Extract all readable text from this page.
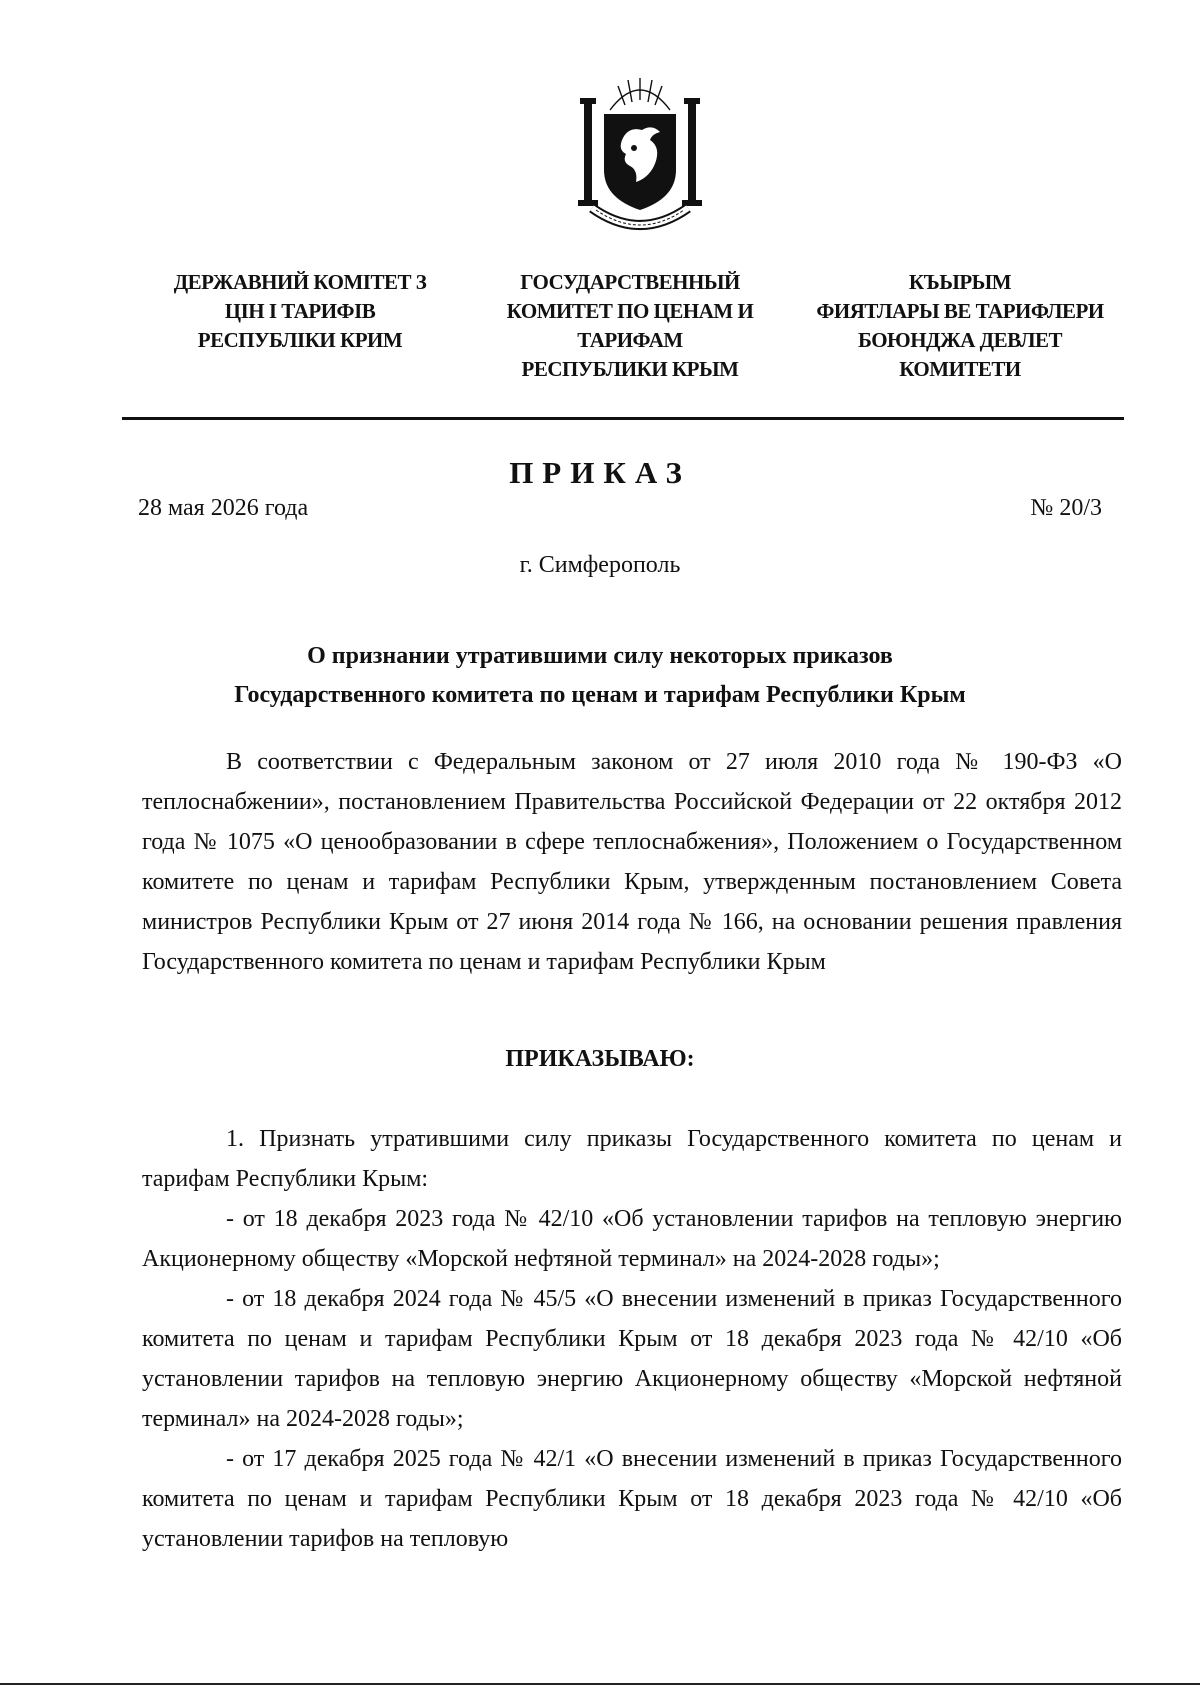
ДЕРЖАВНИЙ КОМІТЕТ З
ЦІН І ТАРИФІВ
РЕСПУБЛІКИ КРИМ
ГОСУДАРСТВЕННЫЙ
КОМИТЕТ ПО ЦЕНАМ И
ТАРИФАМ
РЕСПУБЛИКИ КРЫМ
КЪЫРЫМ
ФИЯТЛАРЫ ВЕ ТАРИФЛЕРИ
БОЮНДЖА ДЕВЛЕТ
КОМИТЕТИ
ПРИКАЗ
28 мая 2026 года	№ 20/3
г. Симферополь
О признании утратившими силу некоторых приказов
Государственного комитета по ценам и тарифам Республики Крым

В соответствии с Федеральным законом от 27 июля 2010 года № 190-ФЗ «О теплоснабжении», постановлением Правительства Российской Федерации от 22 октября 2012 года № 1075 «О ценообразовании в сфере теплоснабжения», Положением о Государственном комитете по ценам и тарифам Республики Крым, утвержденным постановлением Совета министров Республики Крым от 27 июня 2014 года № 166, на основании решения правления Государственного комитета по ценам и тарифам Республики Крым

ПРИКАЗЫВАЮ:

1. Признать утратившими силу приказы Государственного комитета по ценам и тарифам Республики Крым:

- от 18 декабря 2023 года № 42/10 «Об установлении тарифов на тепловую энергию Акционерному обществу «Морской нефтяной терминал» на 2024-2028 годы»;

- от 18 декабря 2024 года № 45/5 «О внесении изменений в приказ Государственного комитета по ценам и тарифам Республики Крым от 18 декабря 2023 года № 42/10 «Об установлении тарифов на тепловую энергию Акционерному обществу «Морской нефтяной терминал» на 2024-2028 годы»;

- от 17 декабря 2025 года № 42/1 «О внесении изменений в приказ Государственного комитета по ценам и тарифам Республики Крым от 18 декабря 2023 года № 42/10 «Об установлении тарифов на тепловую
